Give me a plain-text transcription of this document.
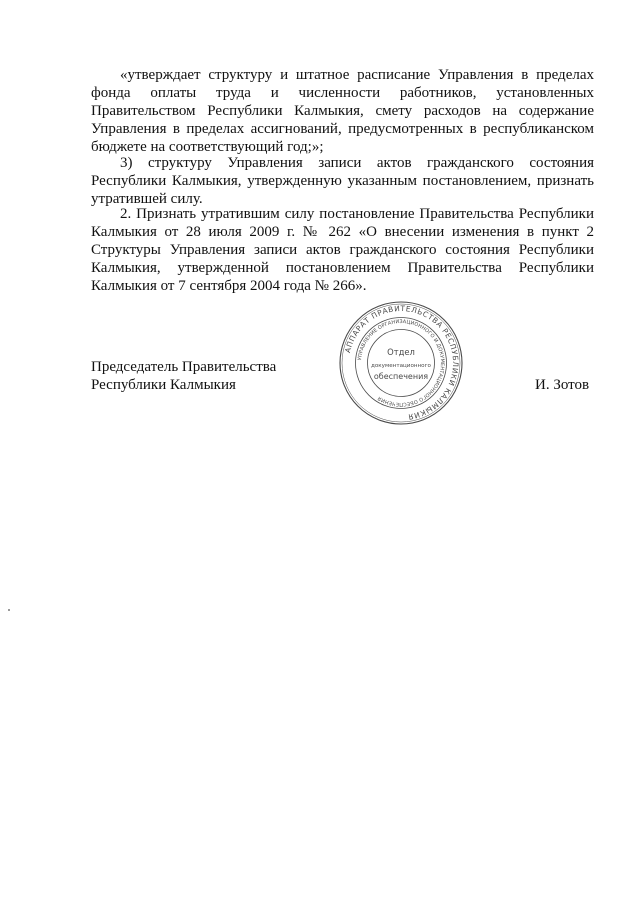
«утверждает структуру и штатное расписание Управления в пределах фонда оплаты труда и численности работников, установленных Правительством Республики Калмыкия, смету расходов на содержание Управления в пределах ассигнований, предусмотренных в республиканском бюджете на соответствующий год;»;

3) структуру Управления записи актов гражданского состояния Республики Калмыкия, утвержденную указанным постановлением, признать утратившей силу.

2. Признать утратившим силу постановление Правительства Республики Калмыкия от 28 июля 2009 г. № 262 «О внесении изменения в пункт 2 Структуры Управления записи актов гражданского состояния Республики Калмыкия, утвержденной постановлением Правительства Республики Калмыкия от 7 сентября 2004 года № 266».

Председатель Правительства
Республики Калмыкия	И. Зотов
АППАРАТ ПРАВИТЕЛЬСТВА РЕСПУБЛИКИ КАЛМЫКИЯ
УПРАВЛЕНИЕ ОРГАНИЗАЦИОННОГО И ДОКУМЕНТАЦИОННОГО ОБЕСПЕЧЕНИЯ
Отдел
документационного
обеспечения
